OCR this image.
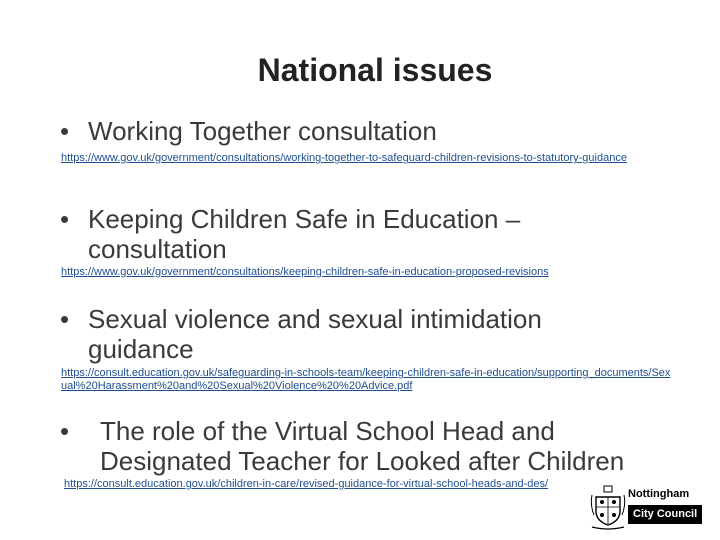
National issues
• Working Together consultation
https://www.gov.uk/government/consultations/working-together-to-safeguard-children-revisions-to-statutory-guidance
• Keeping Children Safe in Education – consultation
https://www.gov.uk/government/consultations/keeping-children-safe-in-education-proposed-revisions
• Sexual violence and sexual intimidation guidance
https://consult.education.gov.uk/safeguarding-in-schools-team/keeping-children-safe-in-education/supporting_documents/Sexual%20Harassment%20and%20Sexual%20Violence%20%20Advice.pdf
•	The role of the Virtual School Head and Designated Teacher for Looked after Children
https://consult.education.gov.uk/children-in-care/revised-guidance-for-virtual-school-heads-and-des/
Nottingham
City Council
